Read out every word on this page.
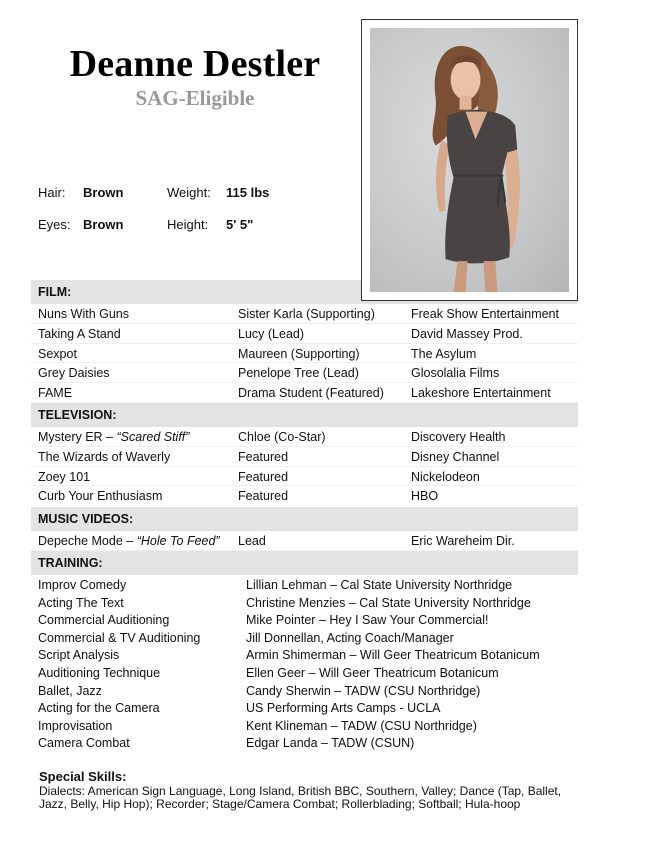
Deanne Destler
SAG-Eligible
Hair:	Brown	Weight:	115 lbs
Eyes: Brown	Height:	5' 5"
FILM:
Nuns With Guns	Sister Karla (Supporting)	Freak Show Entertainment
Taking A Stand	Lucy (Lead)	David Massey Prod.
Sexpot	Maureen (Supporting)	The Asylum
Grey Daisies	Penelope Tree (Lead)	Glosolalia Films
FAME	Drama Student (Featured)	Lakeshore Entertainment
TELEVISION:
Mystery ER – “Scared Stiff”	Chloe (Co-Star)	Discovery Health
The Wizards of Waverly	Featured	Disney Channel
Zoey 101	Featured	Nickelodeon
Curb Your Enthusiasm	Featured	HBO
MUSIC VIDEOS:
Depeche Mode – “Hole To Feed”	Lead	Eric Wareheim Dir.
TRAINING:
Improv Comedy	Lillian Lehman – Cal State University Northridge
Acting The Text	Christine Menzies – Cal State University Northridge
Commercial Auditioning	Mike Pointer – Hey I Saw Your Commercial!
Commercial & TV Auditioning	Jill Donnellan, Acting Coach/Manager
Script Analysis	Armin Shimerman – Will Geer Theatricum Botanicum
Auditioning Technique	Ellen Geer – Will Geer Theatricum Botanicum
Ballet, Jazz	Candy Sherwin – TADW (CSU Northridge)
Acting for the Camera	US Performing Arts Camps - UCLA
Improvisation	Kent Klineman – TADW (CSU Northridge)
Camera Combat	Edgar Landa – TADW (CSUN)
Special Skills:
Dialects: American Sign Language, Long Island, British BBC, Southern, Valley; Dance (Tap, Ballet, Jazz, Belly, Hip Hop); Recorder; Stage/Camera Combat; Rollerblading; Softball; Hula-hoop
